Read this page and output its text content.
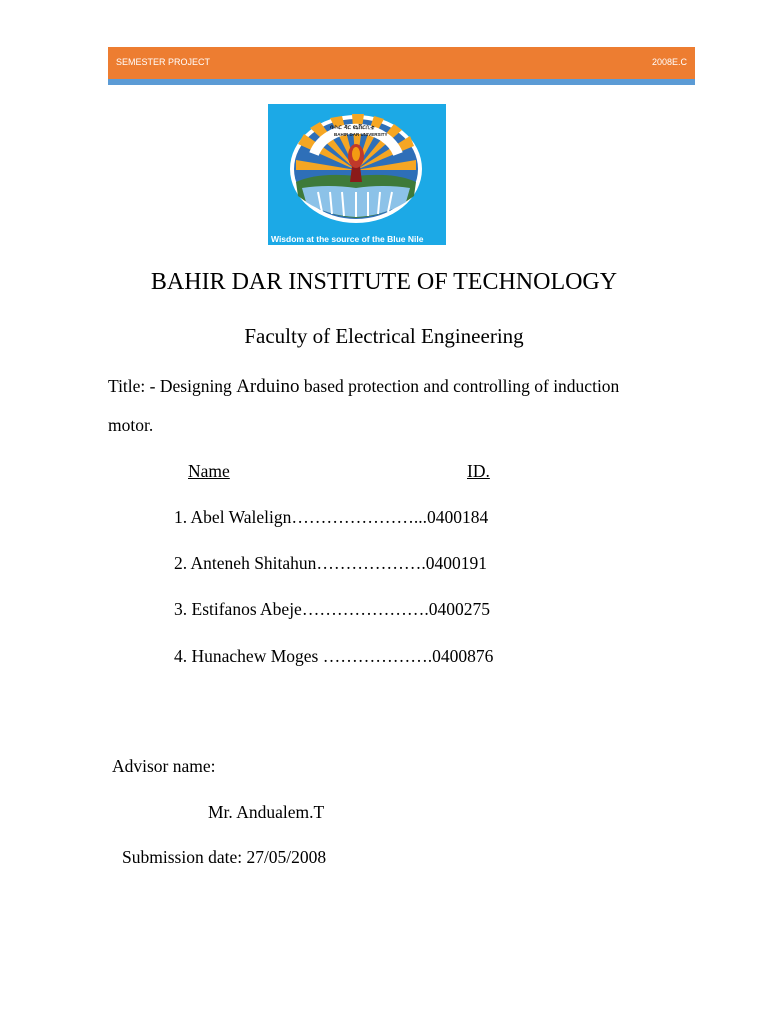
SEMESTER PROJECT	2008E.C
ባሕር ዳር ዩኒቨርሲቲ
BAHIR DAR UNIVERSITY
Wisdom at the source of the Blue Nile
BAHIR DAR INSTITUTE OF TECHNOLOGY
Faculty of Electrical Engineering
Title: - Designing Arduino based protection and controlling of induction
motor.
Name	ID.
1. Abel Walelign…………………...0400184
2. Anteneh Shitahun……………….0400191
3. Estifanos Abeje………………….0400275
4. Hunachew Moges ……………….0400876
Advisor name:
Mr. Andualem.T
Submission date: 27/05/2008
